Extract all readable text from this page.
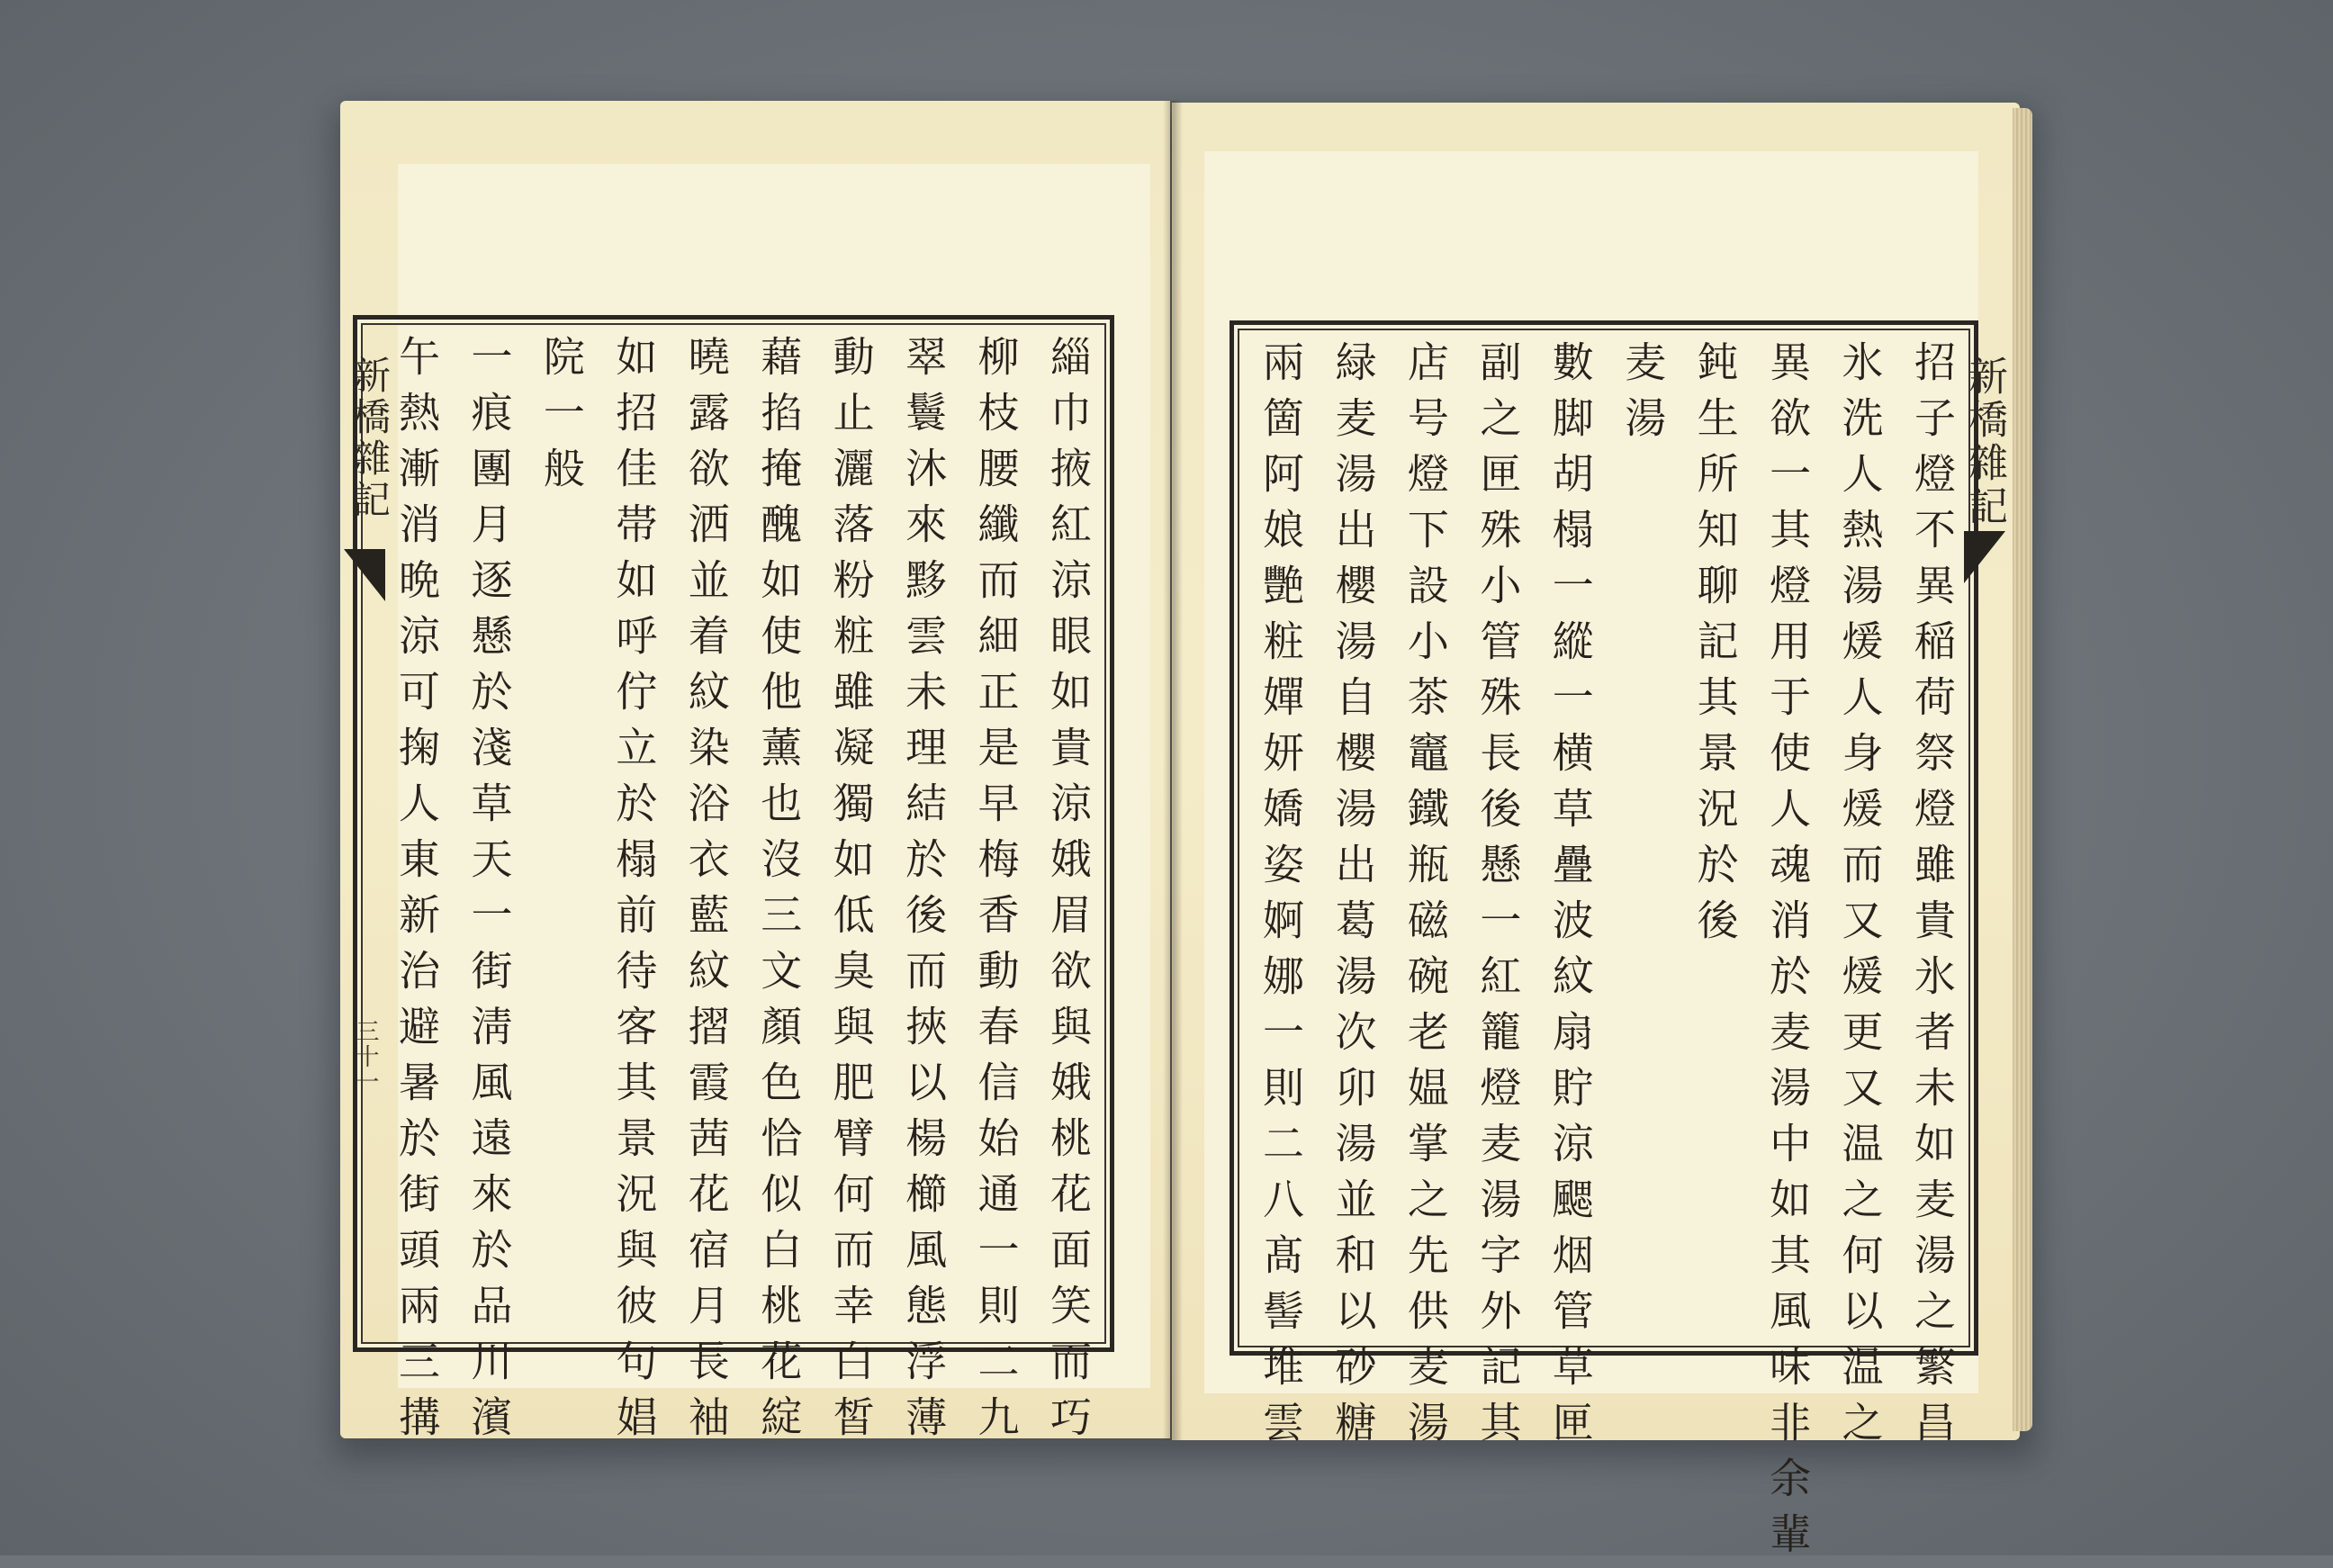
新橋雜記
三十一
新橋雜記
緇巾掖紅涼眼如貴涼娥眉欲與娥桃花面笑而巧
柳枝腰纖而細正是早梅香動春信始通一則二九
翠鬟沐來黟雲未理結於後而挾以楊櫛風態浮薄
動止灑落粉粧雖凝獨如低臭與肥臂何而幸白皙
藉掐掩醜如使他薰也沒三文顏色恰似白桃花綻
曉露欲洒並着紋染浴衣藍紋摺霞茜花宿月長袖
如招佳帯如呼佇立於榻前待客其景況與彼句娼
院一般
一痕團月逐懸於淺草天一街淸風遠來於品川濱
午熱漸消晩涼可掬人東新治避暑於街頭兩三搆	招子燈不異稲荷祭燈雖貴氷者未如麦湯之繁昌
氷洗人熱湯煖人身煖而又煖更又温之何以温之
異欲一其燈用于使人魂消於麦湯中如其風味非余輩
鈍生所知聊記其景況於後
麦湯
數脚胡榻一縱一横草疊波紋扇貯涼颸烟管草匣
副之匣殊小管殊長後懸一紅籠燈麦湯字外記其
店号燈下設小茶竈鐵瓶磁碗老媪掌之先供麦湯
緑麦湯出櫻湯自櫻湯出葛湯次卯湯並和以砂糖
兩箇阿娘艷粧嬋妍嬌姿婀娜一則二八髙髻堆雲
